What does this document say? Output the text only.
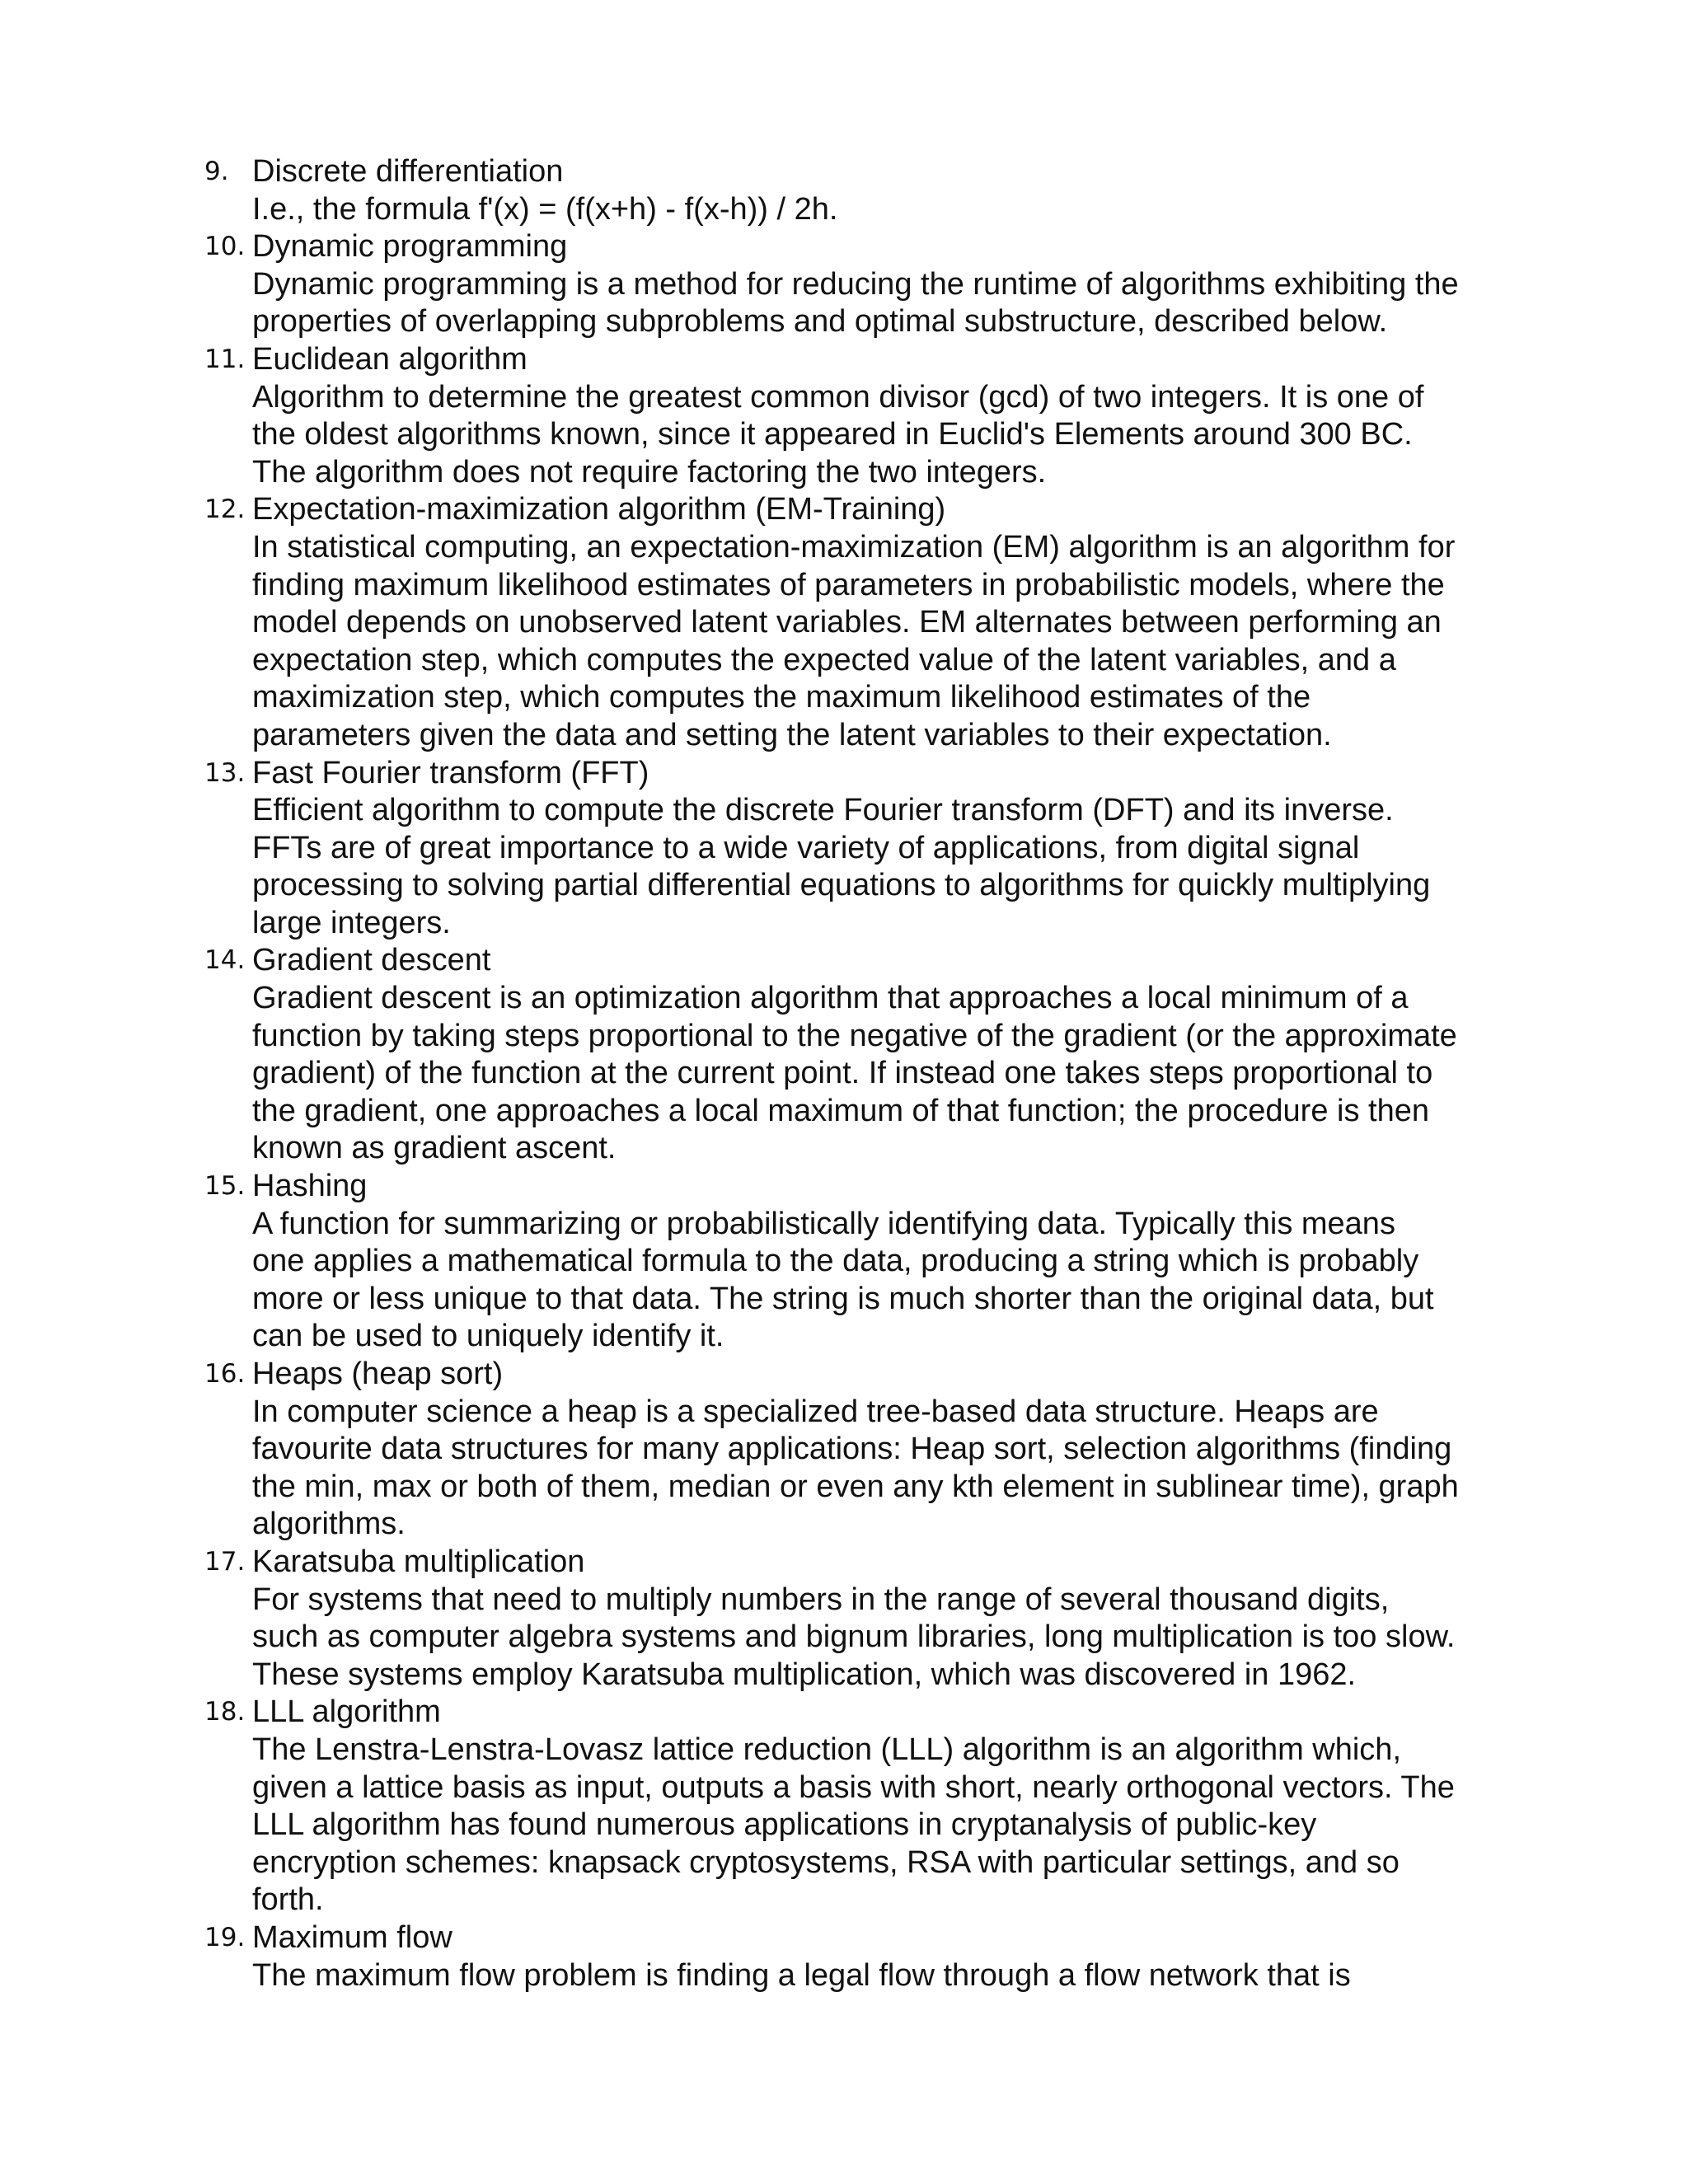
9. Discrete differentiation
I.e., the formula f'(x) = (f(x+h) - f(x-h)) / 2h.
10. Dynamic programming
Dynamic programming is a method for reducing the runtime of algorithms exhibiting the
properties of overlapping subproblems and optimal substructure, described below.
11. Euclidean algorithm
Algorithm to determine the greatest common divisor (gcd) of two integers. It is one of
the oldest algorithms known, since it appeared in Euclid's Elements around 300 BC.
The algorithm does not require factoring the two integers.
12. Expectation-maximization algorithm (EM-Training)
In statistical computing, an expectation-maximization (EM) algorithm is an algorithm for
finding maximum likelihood estimates of parameters in probabilistic models, where the
model depends on unobserved latent variables. EM alternates between performing an
expectation step, which computes the expected value of the latent variables, and a
maximization step, which computes the maximum likelihood estimates of the
parameters given the data and setting the latent variables to their expectation.
13. Fast Fourier transform (FFT)
Efficient algorithm to compute the discrete Fourier transform (DFT) and its inverse.
FFTs are of great importance to a wide variety of applications, from digital signal
processing to solving partial differential equations to algorithms for quickly multiplying
large integers.
14. Gradient descent
Gradient descent is an optimization algorithm that approaches a local minimum of a
function by taking steps proportional to the negative of the gradient (or the approximate
gradient) of the function at the current point. If instead one takes steps proportional to
the gradient, one approaches a local maximum of that function; the procedure is then
known as gradient ascent.
15. Hashing
A function for summarizing or probabilistically identifying data. Typically this means
one applies a mathematical formula to the data, producing a string which is probably
more or less unique to that data. The string is much shorter than the original data, but
can be used to uniquely identify it.
16. Heaps (heap sort)
In computer science a heap is a specialized tree-based data structure. Heaps are
favourite data structures for many applications: Heap sort, selection algorithms (finding
the min, max or both of them, median or even any kth element in sublinear time), graph
algorithms.
17. Karatsuba multiplication
For systems that need to multiply numbers in the range of several thousand digits,
such as computer algebra systems and bignum libraries, long multiplication is too slow.
These systems employ Karatsuba multiplication, which was discovered in 1962.
18. LLL algorithm
The Lenstra-Lenstra-Lovasz lattice reduction (LLL) algorithm is an algorithm which,
given a lattice basis as input, outputs a basis with short, nearly orthogonal vectors. The
LLL algorithm has found numerous applications in cryptanalysis of public-key
encryption schemes: knapsack cryptosystems, RSA with particular settings, and so
forth.
19. Maximum flow
The maximum flow problem is finding a legal flow through a flow network that is
